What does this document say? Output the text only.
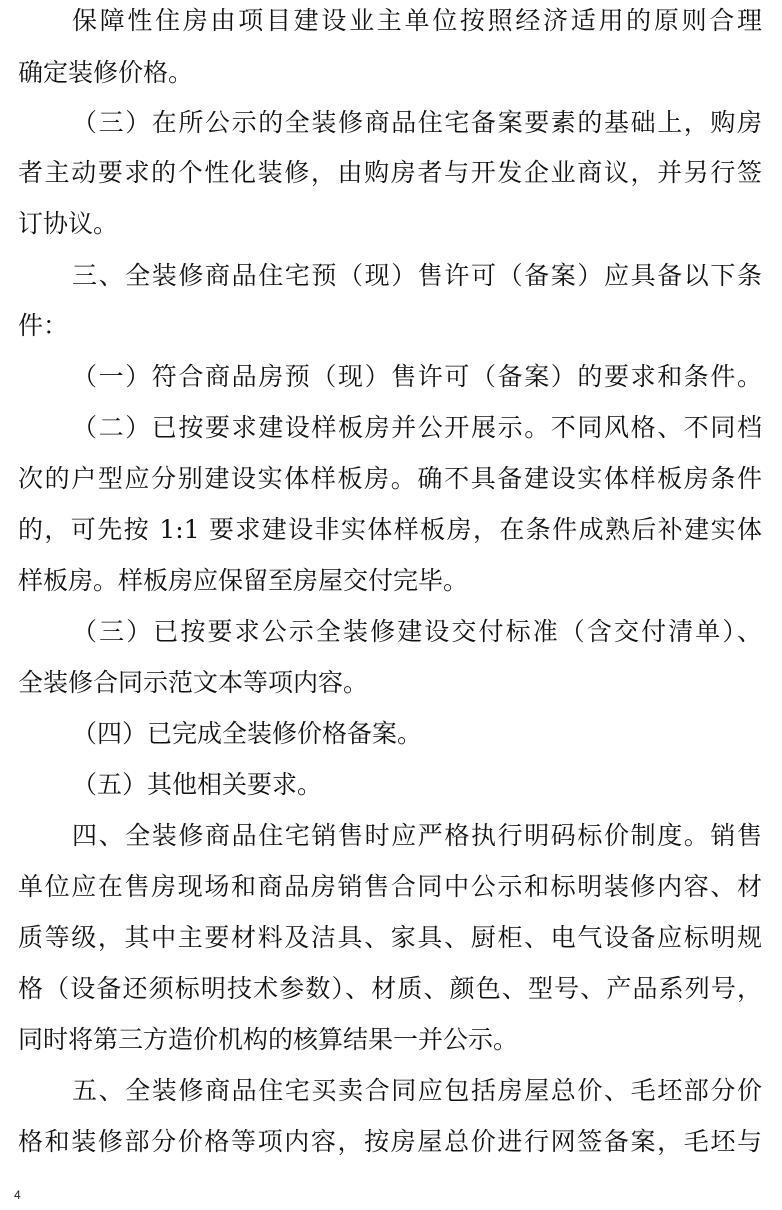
保障性住房由项目建设业主单位按照经济适用的原则合理
确定装修价格。
（三）在所公示的全装修商品住宅备案要素的基础上，购房
者主动要求的个性化装修，由购房者与开发企业商议，并另行签
订协议。
三、全装修商品住宅预（现）售许可（备案）应具备以下条
件：
（一）符合商品房预（现）售许可（备案）的要求和条件。
（二）已按要求建设样板房并公开展示。不同风格、不同档
次的户型应分别建设实体样板房。确不具备建设实体样板房条件
的，可先按 1:1 要求建设非实体样板房，在条件成熟后补建实体
样板房。样板房应保留至房屋交付完毕。
（三）已按要求公示全装修建设交付标准（含交付清单）、
全装修合同示范文本等项内容。
（四）已完成全装修价格备案。
（五）其他相关要求。
四、全装修商品住宅销售时应严格执行明码标价制度。销售
单位应在售房现场和商品房销售合同中公示和标明装修内容、材
质等级，其中主要材料及洁具、家具、厨柜、电气设备应标明规
格（设备还须标明技术参数）、材质、颜色、型号、产品系列号，
同时将第三方造价机构的核算结果一并公示。
五、全装修商品住宅买卖合同应包括房屋总价、毛坯部分价
格和装修部分价格等项内容，按房屋总价进行网签备案，毛坯与
4
